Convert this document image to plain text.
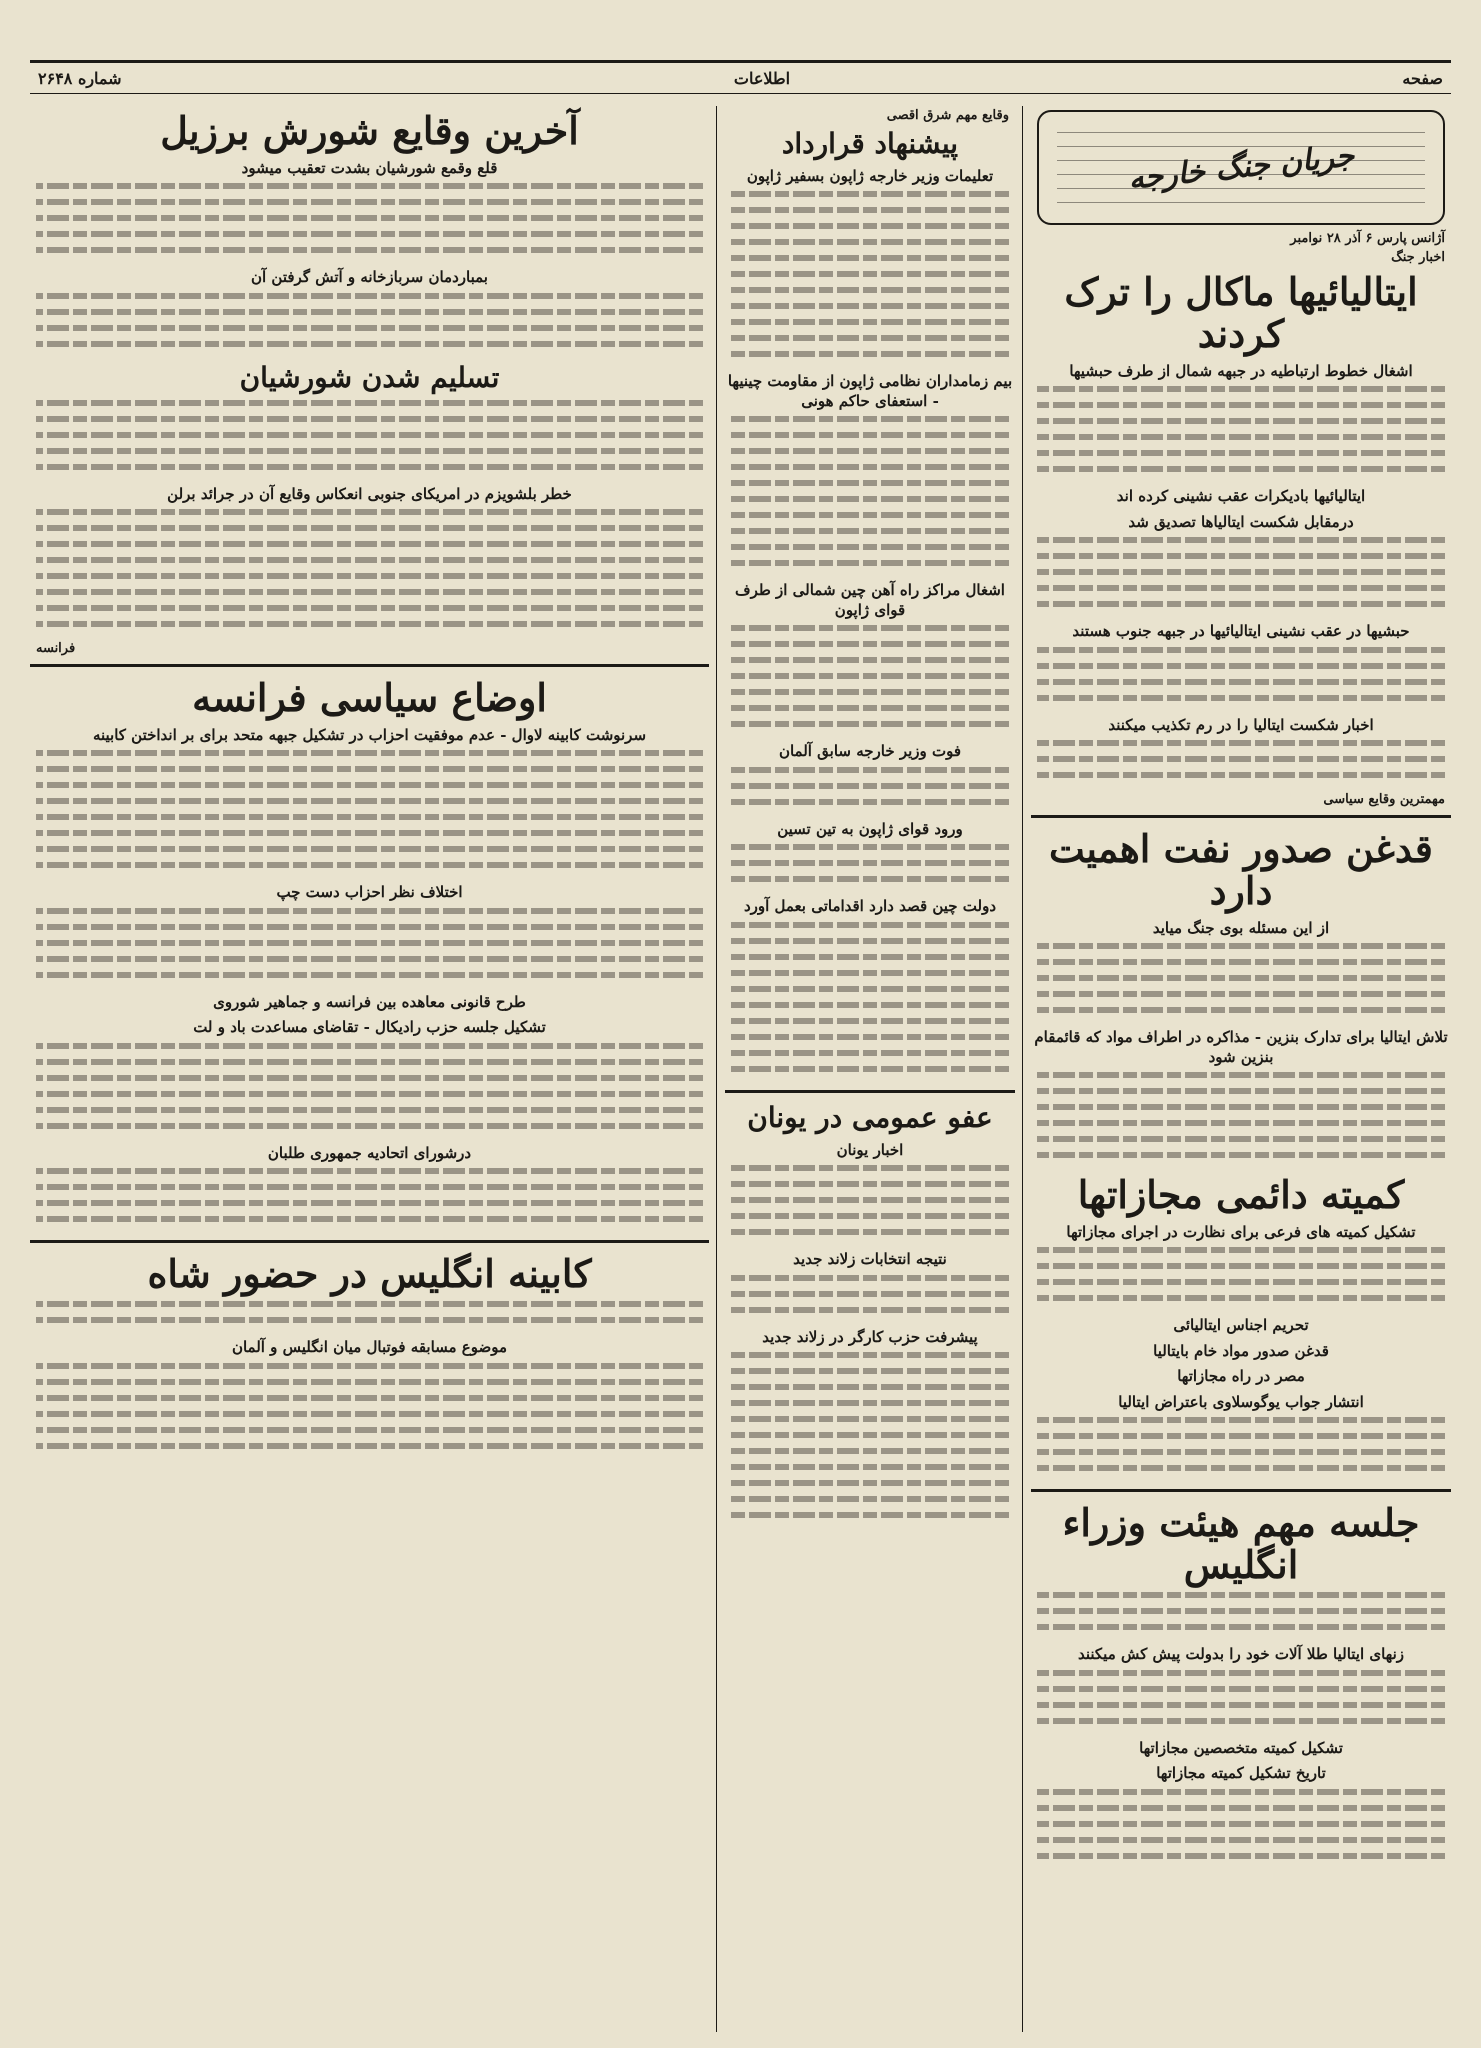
صفحه
اطلاعات
شماره ۲۶۴۸
جریان جنگ خارجه
آژانس پارس ۶ آذر ۲۸ نوامبر
اخبار جنگ
ایتالیائیها ماکال را ترک کردند
اشغال خطوط ارتباطیه در جبهه شمال از طرف حبشیها
ایتالیائیها بادیکرات عقب نشینی کرده اند
درمقابل شکست ایتالیاها تصدیق شد
حبشیها در عقب نشینی ایتالیائیها در جبهه جنوب هستند
اخبار شکست ایتالیا را در رم تکذیب میکنند
مهمترین وقایع سیاسی
قدغن صدور نفت اهمیت دارد
از این مسئله بوی جنگ میاید
تلاش ایتالیا برای تدارک بنزین - مذاکره در اطراف مواد که قائمقام بنزین شود
کمیته دائمی مجازاتها
تشکیل کمیته های فرعی برای نظارت در اجرای مجازاتها
تحریم اجناس ایتالیائی
قدغن صدور مواد خام بایتالیا
مصر در راه مجازاتها
انتشار جواب یوگوسلاوی باعتراض ایتالیا
جلسه مهم هیئت وزراء انگلیس
زنهای ایتالیا طلا آلات خود را بدولت پیش کش میکنند
تشکیل کمیته متخصصین مجازاتها
تاریخ تشکیل کمیته مجازاتها
وقایع مهم شرق اقصی
پیشنهاد قرارداد
تعلیمات وزیر خارجه ژاپون بسفیر ژاپون
بیم زمامداران نظامی ژاپون از مقاومت چینیها - استعفای حاکم هونی
اشغال مراکز راه آهن چین شمالی از طرف قوای ژاپون
فوت وزیر خارجه سابق آلمان
ورود قوای ژاپون به تین تسین
دولت چین قصد دارد اقداماتی بعمل آورد
عفو عمومی در یونان
اخبار یونان
نتیجه انتخابات زلاند جدید
پیشرفت حزب کارگر در زلاند جدید
آخرین وقایع شورش برزیل
قلع وقمع شورشیان بشدت تعقیب میشود
بمباردمان سربازخانه و آتش گرفتن آن
تسلیم شدن شورشیان
خطر بلشویزم در امریکای جنوبی انعکاس وقایع آن در جرائد برلن
فرانسه
اوضاع سیاسی فرانسه
سرنوشت کابینه لاوال - عدم موفقیت احزاب در تشکیل جبهه متحد برای بر انداختن کابینه
اختلاف نظر احزاب دست چپ
طرح قانونی معاهده بین فرانسه و جماهیر شوروی
تشکیل جلسه حزب رادیکال - تقاضای مساعدت باد و لت
درشورای اتحادیه جمهوری طلبان
کابینه انگلیس در حضور شاه
موضوع مسابقه فوتبال میان انگلیس و آلمان
